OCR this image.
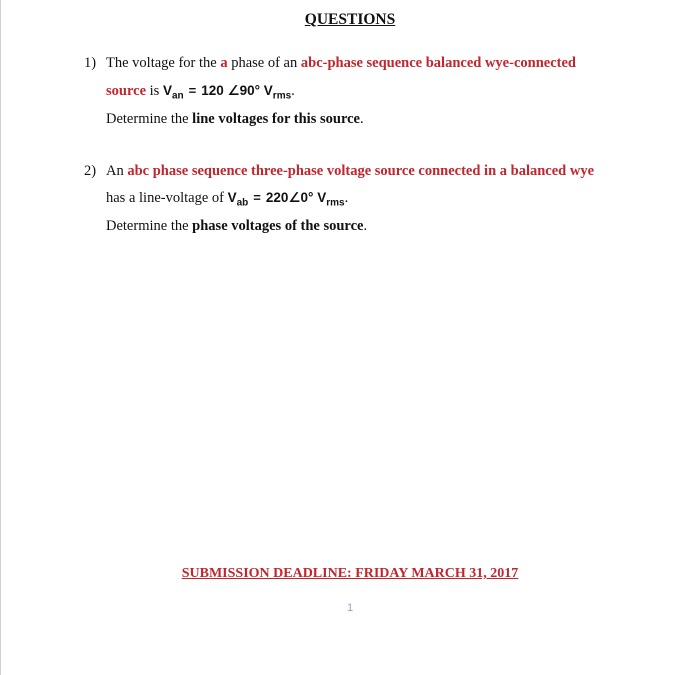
QUESTIONS
1) The voltage for the a phase of an abc-phase sequence balanced wye-connected
source is $V_{an} = 120$ ∠90° $V_{rms}$.
Determine the line voltages for this source.
2) An abc phase sequence three-phase voltage source connected in a balanced wye
has a line-voltage of $V_{ab}$ = 220∠0° $V_{rms}$.
Determine the phase voltages of the source.
SUBMISSION DEADLINE: FRIDAY MARCH 31, 2017
1
